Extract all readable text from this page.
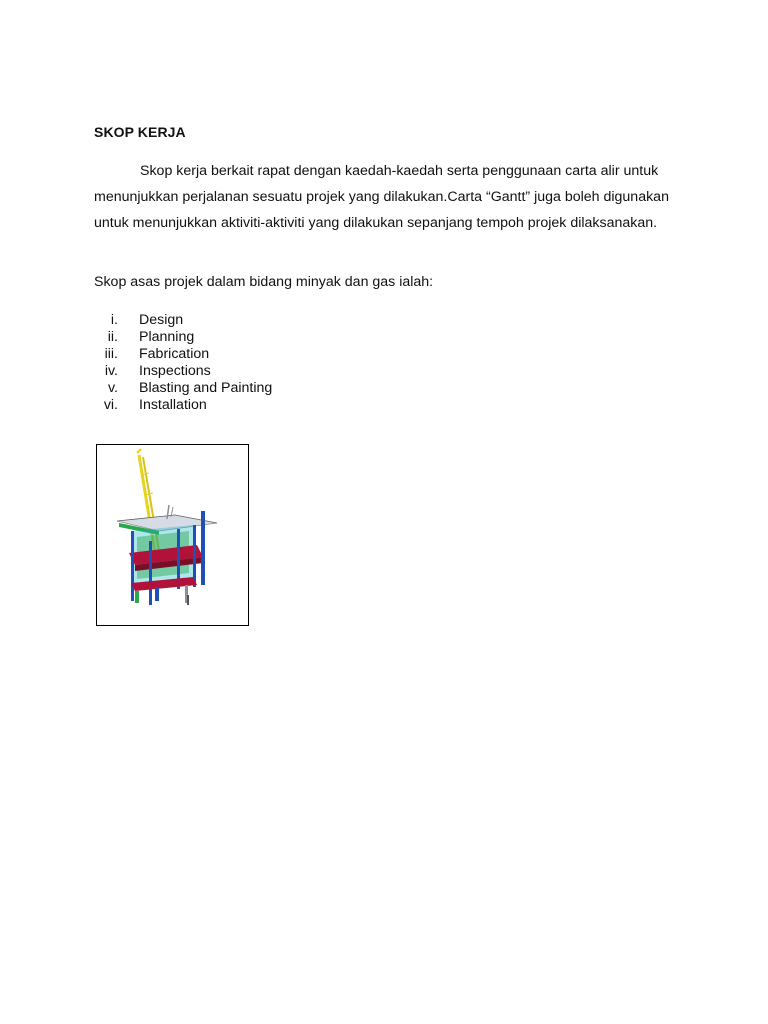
SKOP KERJA

Skop kerja berkait rapat dengan kaedah-kaedah serta penggunaan carta alir untuk menunjukkan perjalanan sesuatu projek yang dilakukan.Carta “Gantt” juga boleh digunakan untuk menunjukkan aktiviti-aktiviti yang dilakukan sepanjang tempoh projek dilaksanakan.

Skop asas projek dalam bidang minyak dan gas ialah:

i. Design
ii. Planning
iii. Fabrication
iv. Inspections
v. Blasting and Painting
vi. Installation
